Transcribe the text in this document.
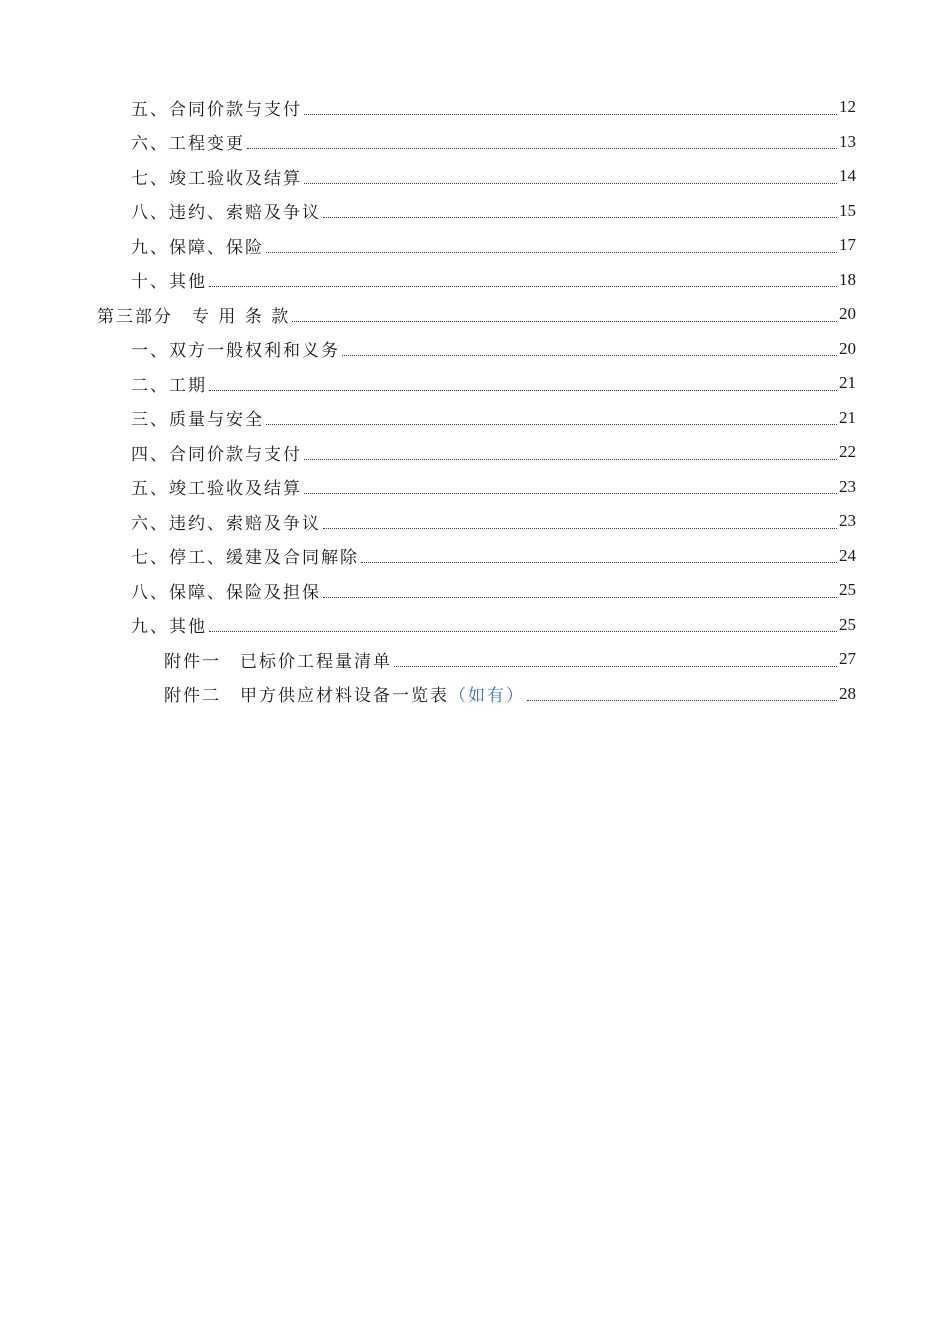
五、合同价款与支付	12
六、工程变更	13
七、竣工验收及结算	14
八、违约、索赔及争议	15
九、保障、保险	17
十、其他	18
第三部分　专 用 条 款	20
一、双方一般权利和义务	20
二、工期	21
三、质量与安全	21
四、合同价款与支付	22
五、竣工验收及结算	23
六、违约、索赔及争议	23
七、停工、缓建及合同解除	24
八、保障、保险及担保	25
九、其他	25
附件一　已标价工程量清单	27
附件二　甲方供应材料设备一览表 （如有）	28
